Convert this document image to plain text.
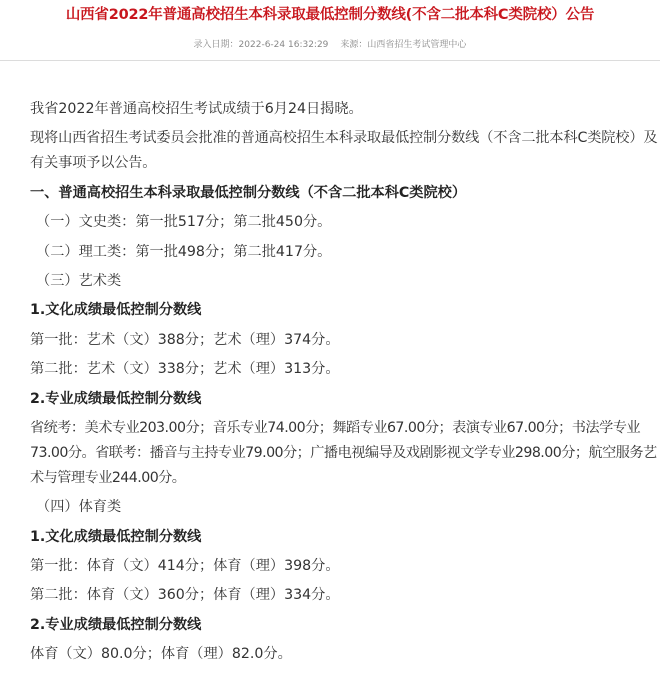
山西省2022年普通高校招生本科录取最低控制分数线(不含二批本科C类院校）公告
录入日期：2022-6-24 16:32:29 来源：山西省招生考试管理中心
我省2022年普通高校招生考试成绩于6月24日揭晓。
现将山西省招生考试委员会批准的普通高校招生本科录取最低控制分数线（不含二批本科C类院校）及有关事项予以公告。
一、普通高校招生本科录取最低控制分数线（不含二批本科C类院校）
（一）文史类：第一批517分；第二批450分。
（二）理工类：第一批498分；第二批417分。
（三）艺术类
1.文化成绩最低控制分数线
第一批：艺术（文）388分；艺术（理）374分。
第二批：艺术（文）338分；艺术（理）313分。
2.专业成绩最低控制分数线
省统考：美术专业203.00分；音乐专业74.00分；舞蹈专业67.00分；表演专业67.00分；书法学专业73.00分。省联考：播音与主持专业79.00分；广播电视编导及戏剧影视文学专业298.00分；航空服务艺术与管理专业244.00分。
（四）体育类
1.文化成绩最低控制分数线
第一批：体育（文）414分；体育（理）398分。
第二批：体育（文）360分；体育（理）334分。
2.专业成绩最低控制分数线
体育（文）80.0分；体育（理）82.0分。
